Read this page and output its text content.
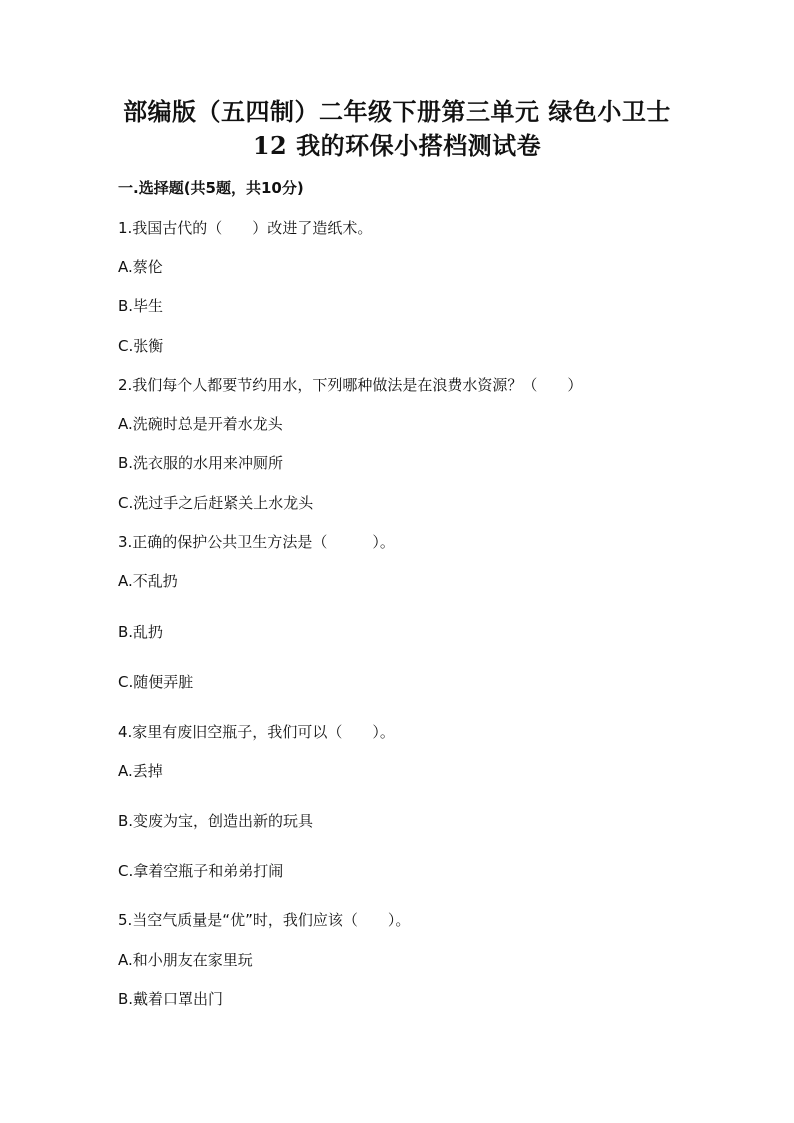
部编版（五四制）二年级下册第三单元 绿色小卫士
12 我的环保小搭档测试卷
一.选择题(共5题，共10分)
1.我国古代的（　　）改进了造纸术。
A.蔡伦
B.毕生
C.张衡
2.我们每个人都要节约用水，下列哪种做法是在浪费水资源？（　　）
A.洗碗时总是开着水龙头
B.洗衣服的水用来冲厕所
C.洗过手之后赶紧关上水龙头
3.正确的保护公共卫生方法是（　　　）。
A.不乱扔
B.乱扔
C.随便弄脏
4.家里有废旧空瓶子，我们可以（　　）。
A.丢掉
B.变废为宝，创造出新的玩具
C.拿着空瓶子和弟弟打闹
5.当空气质量是“优”时，我们应该（　　）。
A.和小朋友在家里玩
B.戴着口罩出门
